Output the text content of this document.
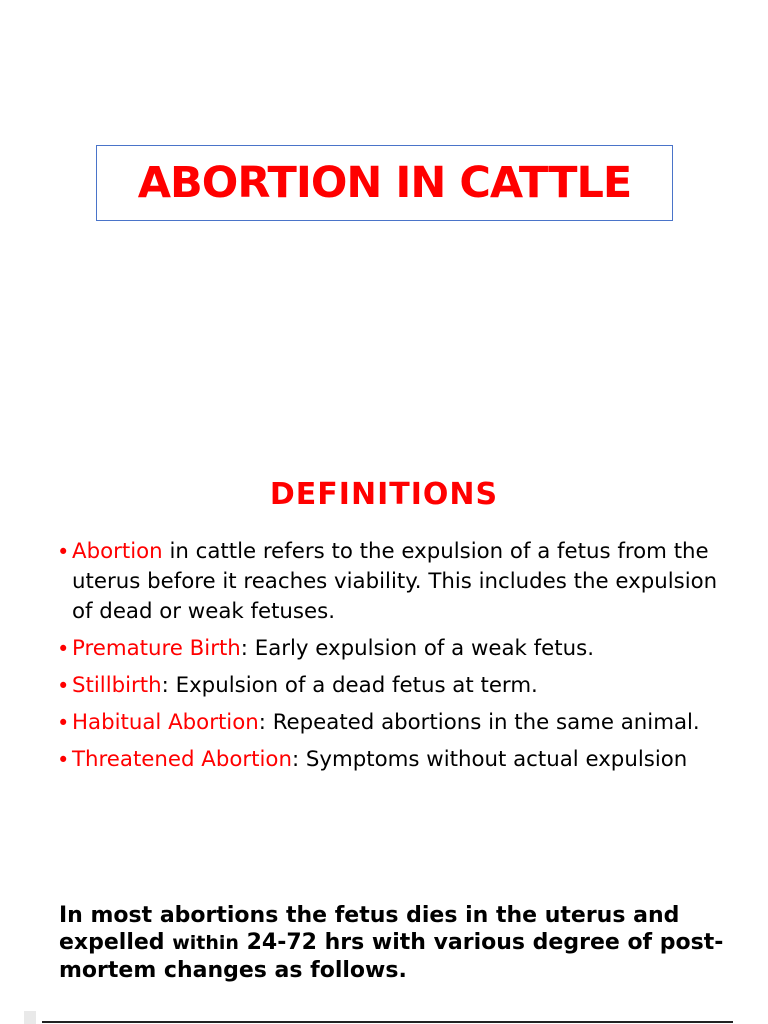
ABORTION IN CATTLE
DEFINITIONS
• Abortion in cattle refers to the expulsion of a fetus from the uterus before it reaches viability. This includes the expulsion of dead or weak fetuses.
• Premature Birth: Early expulsion of a weak fetus.
• Stillbirth: Expulsion of a dead fetus at term.
• Habitual Abortion: Repeated abortions in the same animal.
• Threatened Abortion: Symptoms without actual expulsion

In most abortions the fetus dies in the uterus and expelled within 24-72 hrs with various degree of post-mortem changes as follows.
